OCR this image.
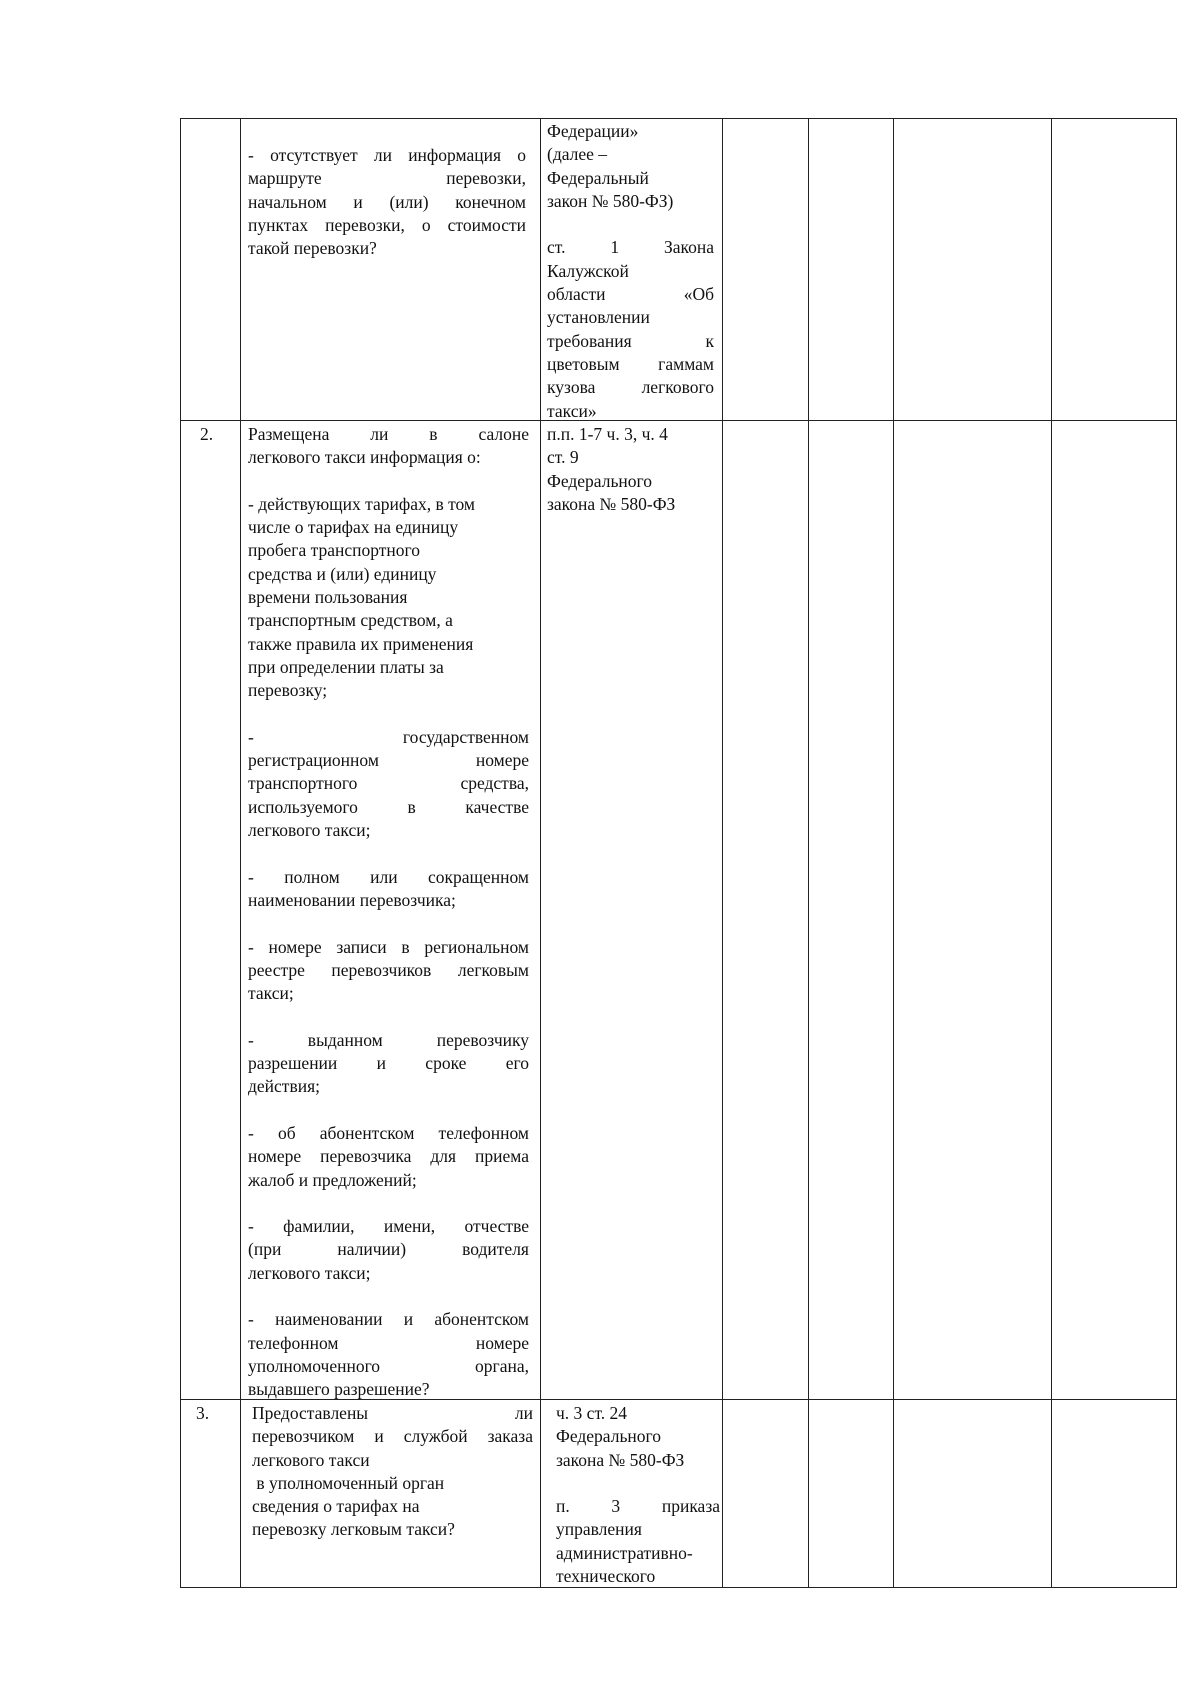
- отсутствует ли информация о
маршруте перевозки,
начальном и (или) конечном
пунктах перевозки, о стоимости
такой перевозки?
Федерации»
(далее –
Федеральный
закон № 580-ФЗ)
ст. 1 Закона
Калужской
области «Об
установлении
требования к
цветовым гаммам
кузова легкового
такси»
2.	Размещена ли в салоне
легкового такси информация о:
- действующих тарифах, в том
числе о тарифах на единицу
пробега транспортного
средства и (или) единицу
времени пользования
транспортным средством, а
также правила их применения
при определении платы за
перевозку;
- государственном
регистрационном номере
транспортного средства,
используемого в качестве
легкового такси;
- полном или сокращенном
наименовании перевозчика;
- номере записи в региональном
реестре перевозчиков легковым
такси;
- выданном перевозчику
разрешении и сроке его
действия;
- об абонентском телефонном
номере перевозчика для приема
жалоб и предложений;
- фамилии, имени, отчестве
(при наличии) водителя
легкового такси;
- наименовании и абонентском
телефонном номере
уполномоченного органа,
выдавшего разрешение?
п.п. 1-7 ч. 3, ч. 4
ст. 9
Федерального
закона № 580-ФЗ
3.	Предоставлены ли
перевозчиком и службой заказа
легкового такси
в уполномоченный орган
сведения о тарифах на
перевозку легковым такси?
ч. 3 ст. 24
Федерального
закона № 580-ФЗ
п. 3 приказа
управления
административно-
технического
